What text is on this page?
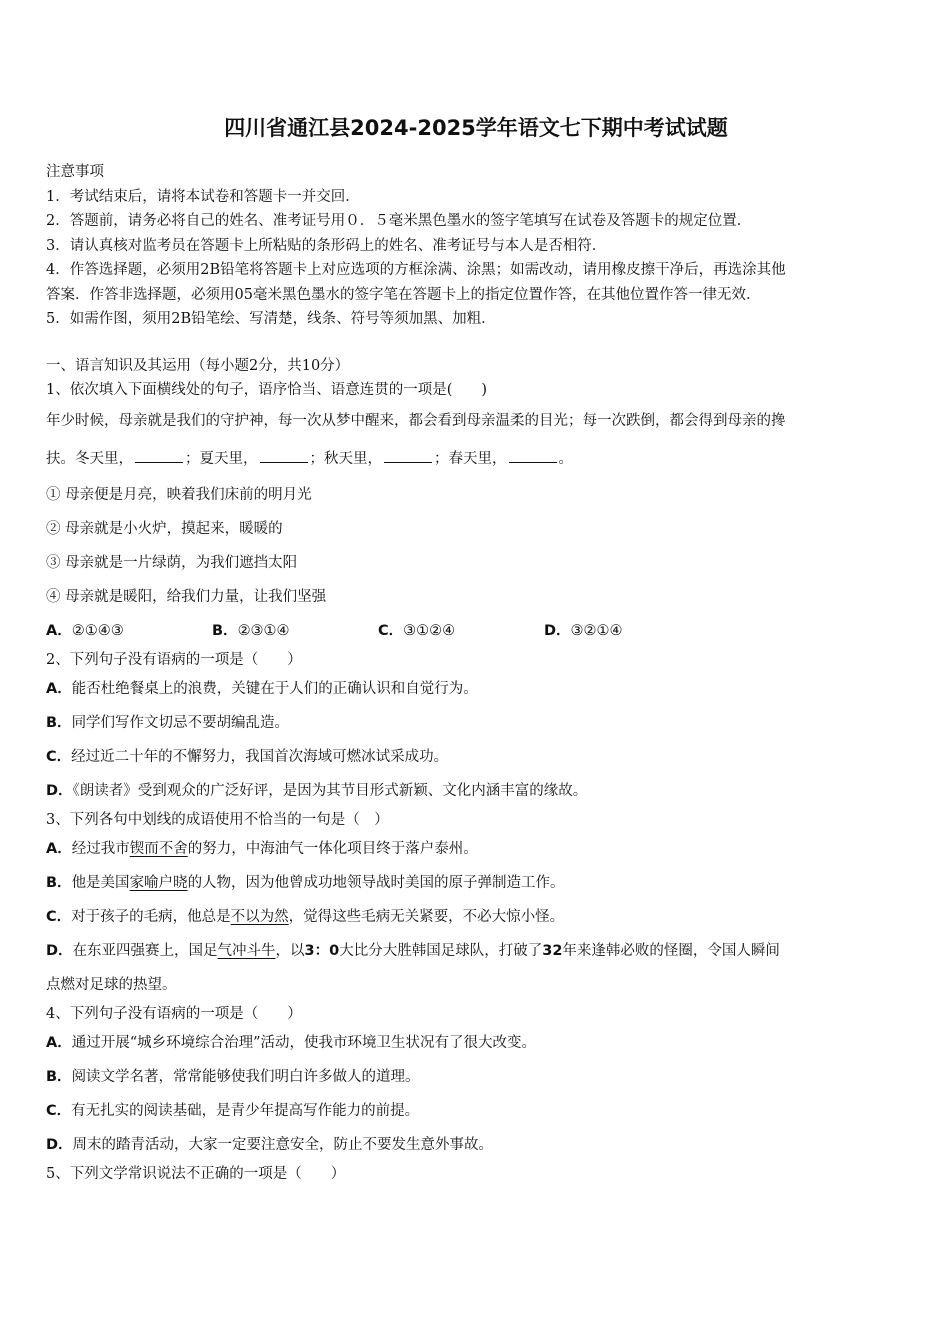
四川省通江县2024-2025学年语文七下期中考试试题
注意事项
1．考试结束后，请将本试卷和答题卡一并交回．
2．答题前，请务必将自己的姓名、准考证号用０．５毫米黑色墨水的签字笔填写在试卷及答题卡的规定位置．
3．请认真核对监考员在答题卡上所粘贴的条形码上的姓名、准考证号与本人是否相符．
4．作答选择题，必须用2B铅笔将答题卡上对应选项的方框涂满、涂黑；如需改动，请用橡皮擦干净后，再选涂其他
答案．作答非选择题，必须用05毫米黑色墨水的签字笔在答题卡上的指定位置作答，在其他位置作答一律无效．
5．如需作图，须用2B铅笔绘、写清楚，线条、符号等须加黑、加粗．
一、语言知识及其运用（每小题2分，共10分）
1、依次填入下面横线处的句子，语序恰当、语意连贯的一项是(　　)
年少时候，母亲就是我们的守护神，每一次从梦中醒来，都会看到母亲温柔的目光；每一次跌倒，都会得到母亲的搀
扶。冬天里，	；夏天里，	；秋天里，	；春天里，	。
① 母亲便是月亮，映着我们床前的明月光
② 母亲就是小火炉，摸起来，暖暖的
③ 母亲就是一片绿荫，为我们遮挡太阳
④ 母亲就是暖阳，给我们力量，让我们坚强
A．②①④③	B．②③①④	C．③①②④	D．③②①④
2、下列句子没有语病的一项是（　　）
A．能否杜绝餐桌上的浪费，关键在于人们的正确认识和自觉行为。
B．同学们写作文切忌不要胡编乱造。
C．经过近二十年的不懈努力，我国首次海域可燃冰试采成功。
D．《朗读者》受到观众的广泛好评，是因为其节目形式新颖、文化内涵丰富的缘故。
3、下列各句中划线的成语使用不恰当的一句是（　）
A．经过我市锲而不舍的努力，中海油气一体化项目终于落户泰州。
B．他是美国家喻户晓的人物，因为他曾成功地领导战时美国的原子弹制造工作。
C．对于孩子的毛病，他总是不以为然，觉得这些毛病无关紧要，不必大惊小怪。
D．在东亚四强赛上，国足气冲斗牛，以3：0大比分大胜韩国足球队，打破了32年来逢韩必败的怪圈，令国人瞬间
点燃对足球的热望。
4、下列句子没有语病的一项是（　　）
A．通过开展“城乡环境综合治理”活动，使我市环境卫生状况有了很大改变。
B．阅读文学名著，常常能够使我们明白许多做人的道理。
C．有无扎实的阅读基础，是青少年提高写作能力的前提。
D．周末的踏青活动，大家一定要注意安全，防止不要发生意外事故。
5、下列文学常识说法不正确的一项是（　　）
